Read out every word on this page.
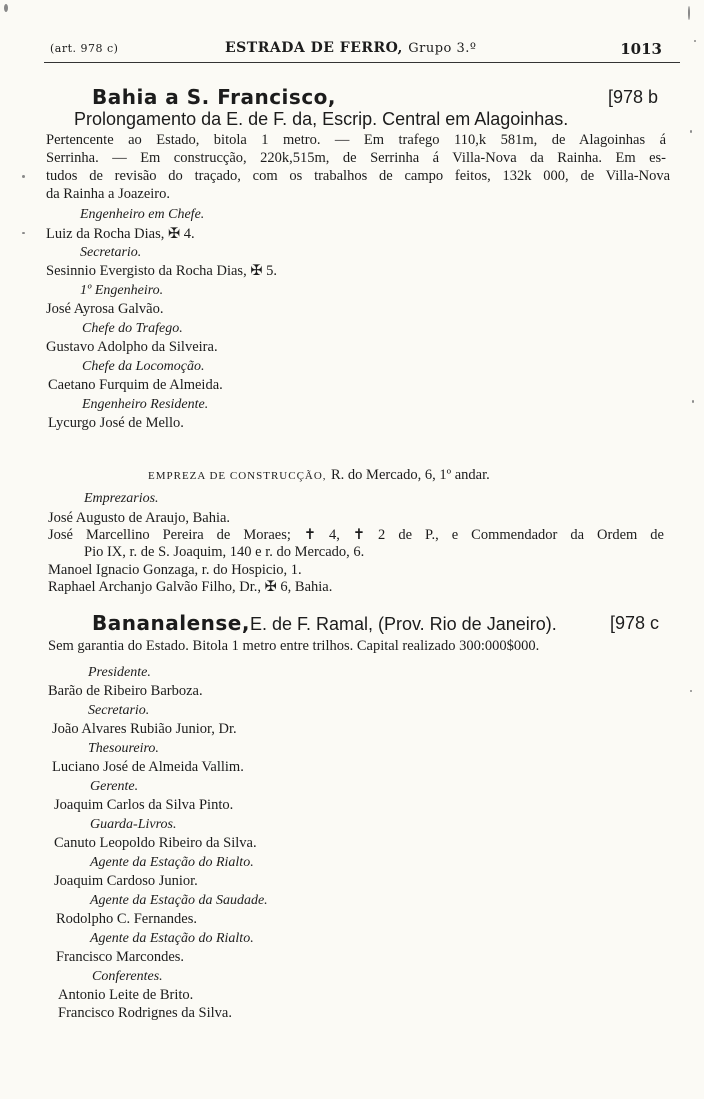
(art. 978 c)	ESTRADA DE FERRO, Grupo 3.º	1013
Bahia a S. Francisco,	[978 b
Prolongamento da E. de F. da, Escrip. Central em Alagoinhas.
Pertencente ao Estado, bitola 1 metro. — Em trafego 110,k 581m, de Alagoinhas á
Serrinha. — Em construcção, 220k,515m, de Serrinha á Villa-Nova da Rainha. Em es-
tudos de revisão do traçado, com os trabalhos de campo feitos, 132k 000, de Villa-Nova
da Rainha a Joazeiro.
Engenheiro em Chefe.
Luiz da Rocha Dias, ✠ 4.
Secretario.
Sesinnio Evergisto da Rocha Dias, ✠ 5.
1º Engenheiro.
José Ayrosa Galvão.
Chefe do Trafego.
Gustavo Adolpho da Silveira.
Chefe da Locomoção.
Caetano Furquim de Almeida.
Engenheiro Residente.
Lycurgo José de Mello.
EMPREZA DE CONSTRUCÇÃO, R. do Mercado, 6, 1º andar.
Emprezarios.
José Augusto de Araujo, Bahia.
José Marcellino Pereira de Moraes; ✝ 4, ✝ 2 de P., e Commendador da Ordem de
Pio IX, r. de S. Joaquim, 140 e r. do Mercado, 6.
Manoel Ignacio Gonzaga, r. do Hospicio, 1.
Raphael Archanjo Galvão Filho, Dr., ✠ 6, Bahia.
Bananalense,E. de F. Ramal, (Prov. Rio de Janeiro).	[978 c
Sem garantia do Estado. Bitola 1 metro entre trilhos. Capital realizado 300:000$000.
Presidente.
Barão de Ribeiro Barboza.
Secretario.
João Alvares Rubião Junior, Dr.
Thesoureiro.
Luciano José de Almeida Vallim.
Gerente.
Joaquim Carlos da Silva Pinto.
Guarda-Livros.
Canuto Leopoldo Ribeiro da Silva.
Agente da Estação do Rialto.
Joaquim Cardoso Junior.
Agente da Estação da Saudade.
Rodolpho C. Fernandes.
Agente da Estação do Rialto.
Francisco Marcondes.
Conferentes.
Antonio Leite de Brito.
Francisco Rodrignes da Silva.
